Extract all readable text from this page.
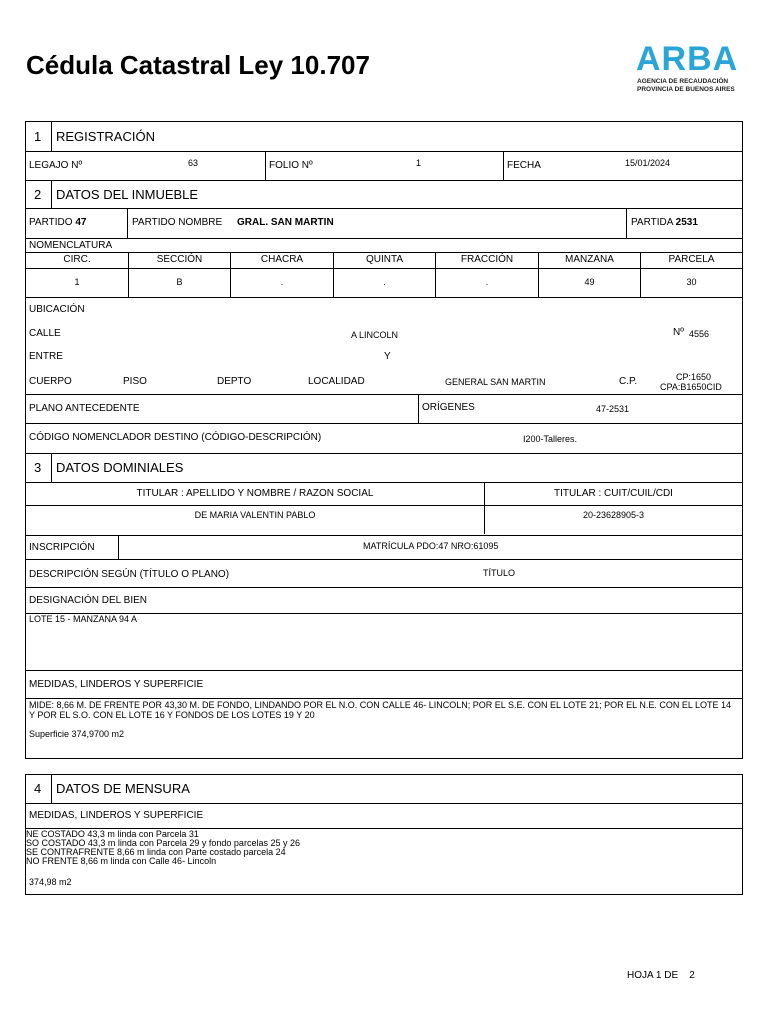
Cédula Catastral Ley 10.707	ARBA
AGENCIA DE RECAUDACIÓN
PROVINCIA DE BUENOS AIRES
1 REGISTRACIÓN
LEGAJO Nº	63	FOLIO Nº	1	FECHA	15/01/2024
2 DATOS DEL INMUEBLE
PARTIDO 47	PARTIDO NOMBRE GRAL. SAN MARTIN	PARTIDA 2531
NOMENCLATURA
CIRC.	SECCIÓN	CHACRA	QUINTA	FRACCIÓN	MANZANA	PARCELA
1	B	.	.	.	49	30
UBICACIÓN
CALLE	A LINCOLN	Nº 4556
ENTRE	Y
CUERPO	PISO	DEPTO	LOCALIDAD	GENERAL SAN MARTIN	C.P.	CP:1650
CPA:B1650CID
PLANO ANTECEDENTE	ORÍGENES	47-2531
CÓDIGO NOMENCLADOR DESTINO (CÓDIGO-DESCRIPCIÓN)	I200-Talleres.
3 DATOS DOMINIALES
TITULAR : APELLIDO Y NOMBRE / RAZON SOCIAL	TITULAR : CUIT/CUIL/CDI
DE MARIA VALENTIN PABLO	20-23628905-3
INSCRIPCIÓN	MATRÍCULA PDO:47 NRO:61095
DESCRIPCIÓN SEGÚN (TÍTULO O PLANO)	TÍTULO
DESIGNACIÓN DEL BIEN
LOTE 15 - MANZANA 94 A
MEDIDAS, LINDEROS Y SUPERFICIE
MIDE: 8,66 M. DE FRENTE POR 43,30 M. DE FONDO, LINDANDO POR EL N.O. CON CALLE 46- LINCOLN; POR EL S.E. CON EL LOTE 21; POR EL N.E. CON EL LOTE 14
Y POR EL S.O. CON EL LOTE 16 Y FONDOS DE LOS LOTES 19 Y 20
Superficie 374,9700 m2
4 DATOS DE MENSURA
MEDIDAS, LINDEROS Y SUPERFICIE
NE COSTADO 43,3 m linda con Parcela 31
SO COSTADO 43,3 m linda con Parcela 29 y fondo parcelas 25 y 26
SE CONTRAFRENTE 8,66 m linda con Parte costado parcela 24
NO FRENTE 8,66 m linda con Calle 46- Lincoln
374,98 m2
HOJA 1 DE    2
